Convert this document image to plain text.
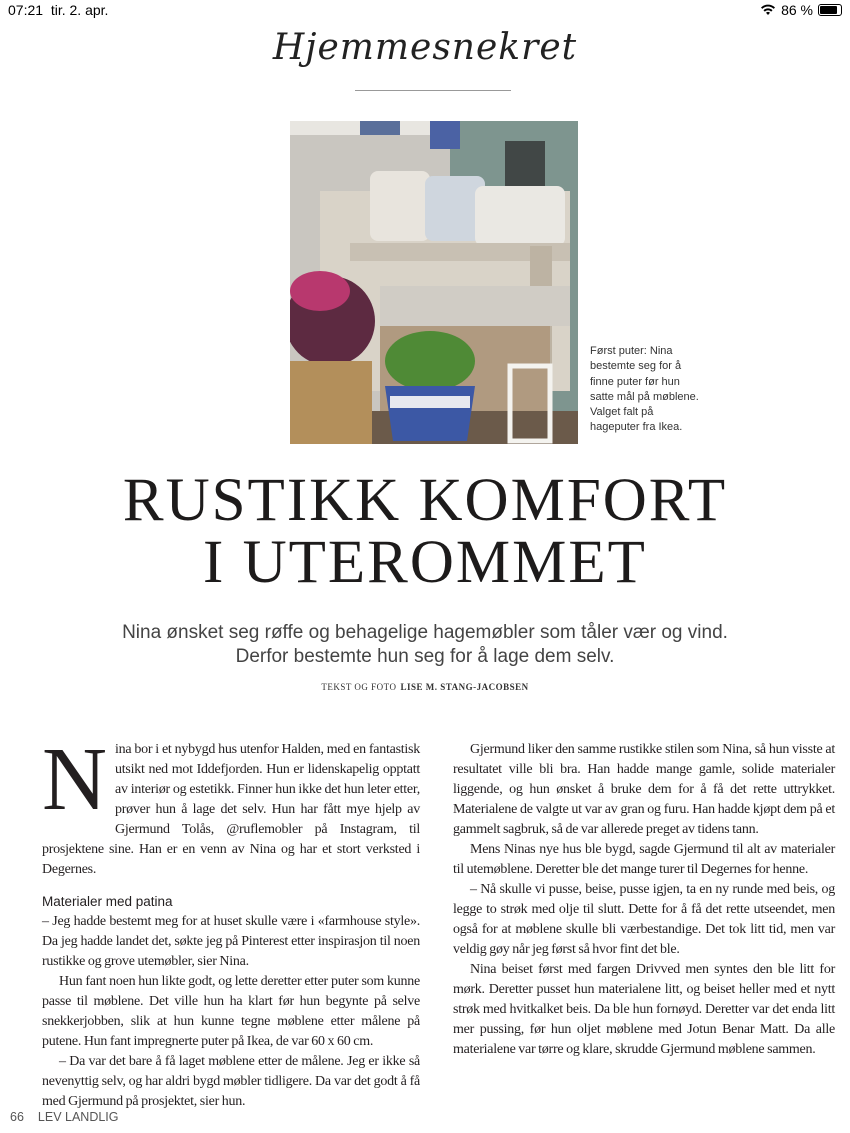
07:21 tir. 2. apr.	86 %
Hjemmesnekret
Først puter: Nina bestemte seg for å finne puter før hun satte mål på møblene. Valget falt på hageputer fra Ikea.
RUSTIKK KOMFORT
I UTEROMMET
Nina ønsket seg røffe og behagelige hagemøbler som tåler vær og vind.
Derfor bestemte hun seg for å lage dem selv.
TEKST OG FOTO LISE M. STANG-JACOBSEN

Nina bor i et nybygd hus utenfor Halden, med en fantastisk utsikt ned mot Iddefjorden. Hun er lidenskapelig opptatt av interiør og estetikk. Finner hun ikke det hun leter etter, prøver hun å lage det selv. Hun har fått mye hjelp av Gjermund Tolås, @ruflemobler på Instagram, til prosjektene sine. Han er en venn av Nina og har et stort verksted i Degernes.

Materialer med patina

– Jeg hadde bestemt meg for at huset skulle være i «farmhouse style». Da jeg hadde landet det, søkte jeg på Pinterest etter inspirasjon til noen rustikke og grove utemøbler, sier Nina.

Hun fant noen hun likte godt, og lette deretter etter puter som kunne passe til møblene. Det ville hun ha klart før hun begynte på selve snekkerjobben, slik at hun kunne tegne møblene etter målene på putene. Hun fant impregnerte puter på Ikea, de var 60 x 60 cm.

– Da var det bare å få laget møblene etter de målene. Jeg er ikke så nevenyttig selv, og har aldri bygd møbler tidligere. Da var det godt å få med Gjermund på prosjektet, sier hun.

Gjermund liker den samme rustikke stilen som Nina, så hun visste at resultatet ville bli bra. Han hadde mange gamle, solide materialer liggende, og hun ønsket å bruke dem for å få det rette uttrykket. Materialene de valgte ut var av gran og furu. Han hadde kjøpt dem på et gammelt sagbruk, så de var allerede preget av tidens tann.

Mens Ninas nye hus ble bygd, sagde Gjermund til alt av materialer til utemøblene. Deretter ble det mange turer til Degernes for henne.

– Nå skulle vi pusse, beise, pusse igjen, ta en ny runde med beis, og legge to strøk med olje til slutt. Dette for å få det rette utseendet, men også for at møblene skulle bli værbestandige. Det tok litt tid, men var veldig gøy når jeg først så hvor fint det ble.

Nina beiset først med fargen Drivved men syntes den ble litt for mørk. Deretter pusset hun materialene litt, og beiset heller med et nytt strøk med hvitkalket beis. Da ble hun fornøyd. Deretter var det enda litt mer pussing, før hun oljet møblene med Jotun Benar Matt. Da alle materialene var tørre og klare, skrudde Gjermund møblene sammen.

66 LEV LANDLIG
